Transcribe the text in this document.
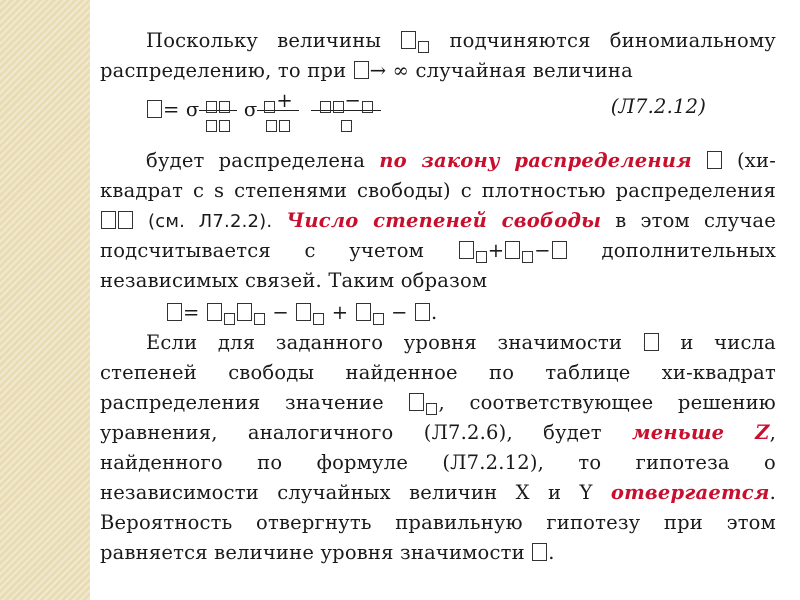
Поскольку величины	подчиняются биномиальному
распределению, то при → ∞ случайная величина
= σ σ +
	−	(Л7.2.12)
будет распределена по закону распределения (хи-
квадрат с s степенями свободы) с плотностью распределения
(см. Л7.2.2). Число степеней свободы в этом случае
подсчитывается с учетом	+ −	дополнительных
независимых связей. Таким образом
=	− + − .
Если для заданного уровня значимости	и числа
степеней свободы найденное по таблице хи-квадрат
распределения значение	, соответствующее решению
уравнения, аналогичного (Л7.2.6), будет меньше Z,
найденного по формуле (Л7.2.12), то гипотеза о
независимости случайных величин X и Y отвергается.
Вероятность отвергнуть правильную гипотезу при этом
равняется величине уровня значимости .
